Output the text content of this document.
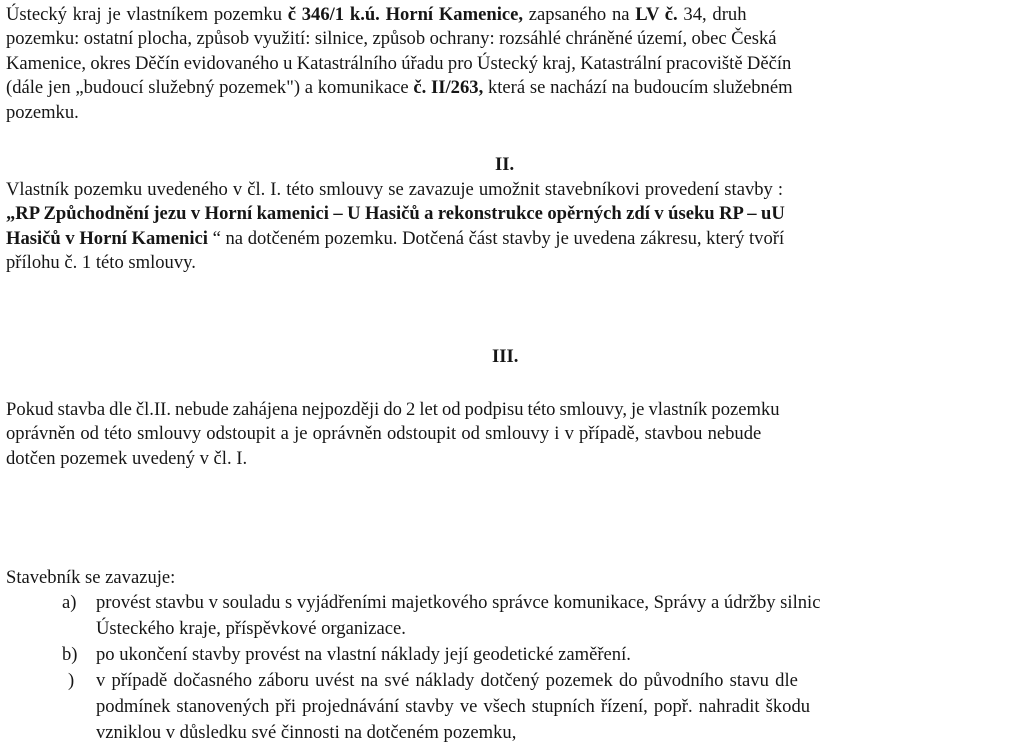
Ústecký kraj je vlastníkem pozemku č 346/1 k.ú. Horní Kamenice, zapsaného na LV č. 34, druh
pozemku: ostatní plocha, způsob využití: silnice, způsob ochrany: rozsáhlé chráněné území, obec Česká
Kamenice, okres Děčín evidovaného u Katastrálního úřadu pro Ústecký kraj, Katastrální pracoviště Děčín
(dále jen „budoucí služebný pozemek") a komunikace č. II/263, která se nachází na budoucím služebném
pozemku.
II.
Vlastník pozemku uvedeného v čl. I. této smlouvy se zavazuje umožnit stavebníkovi provedení stavby :
„RP Způchodnění jezu v Horní kamenici – U Hasičů a rekonstrukce opěrných zdí v úseku RP – uU
Hasičů v Horní Kamenici “ na dotčeném pozemku. Dotčená část stavby je uvedena zákresu, který tvoří
přílohu č. 1 této smlouvy.
III.
Pokud stavba dle čl.II. nebude zahájena nejpozději do 2 let od podpisu této smlouvy, je vlastník pozemku
oprávněn od této smlouvy odstoupit a je oprávněn odstoupit od smlouvy i v případě, stavbou nebude
dotčen pozemek uvedený v čl. I.
Stavebník se zavazuje:
a) provést stavbu v souladu s vyjádřeními majetkového správce komunikace, Správy a údržby silnic
Ústeckého kraje, příspěvkové organizace.
b) po ukončení stavby provést na vlastní náklady její geodetické zaměření.
) v případě dočasného záboru uvést na své náklady dotčený pozemek do původního stavu dle
podmínek stanovených při projednávání stavby ve všech stupních řízení, popř. nahradit škodu
vzniklou v důsledku své činnosti na dotčeném pozemku,
